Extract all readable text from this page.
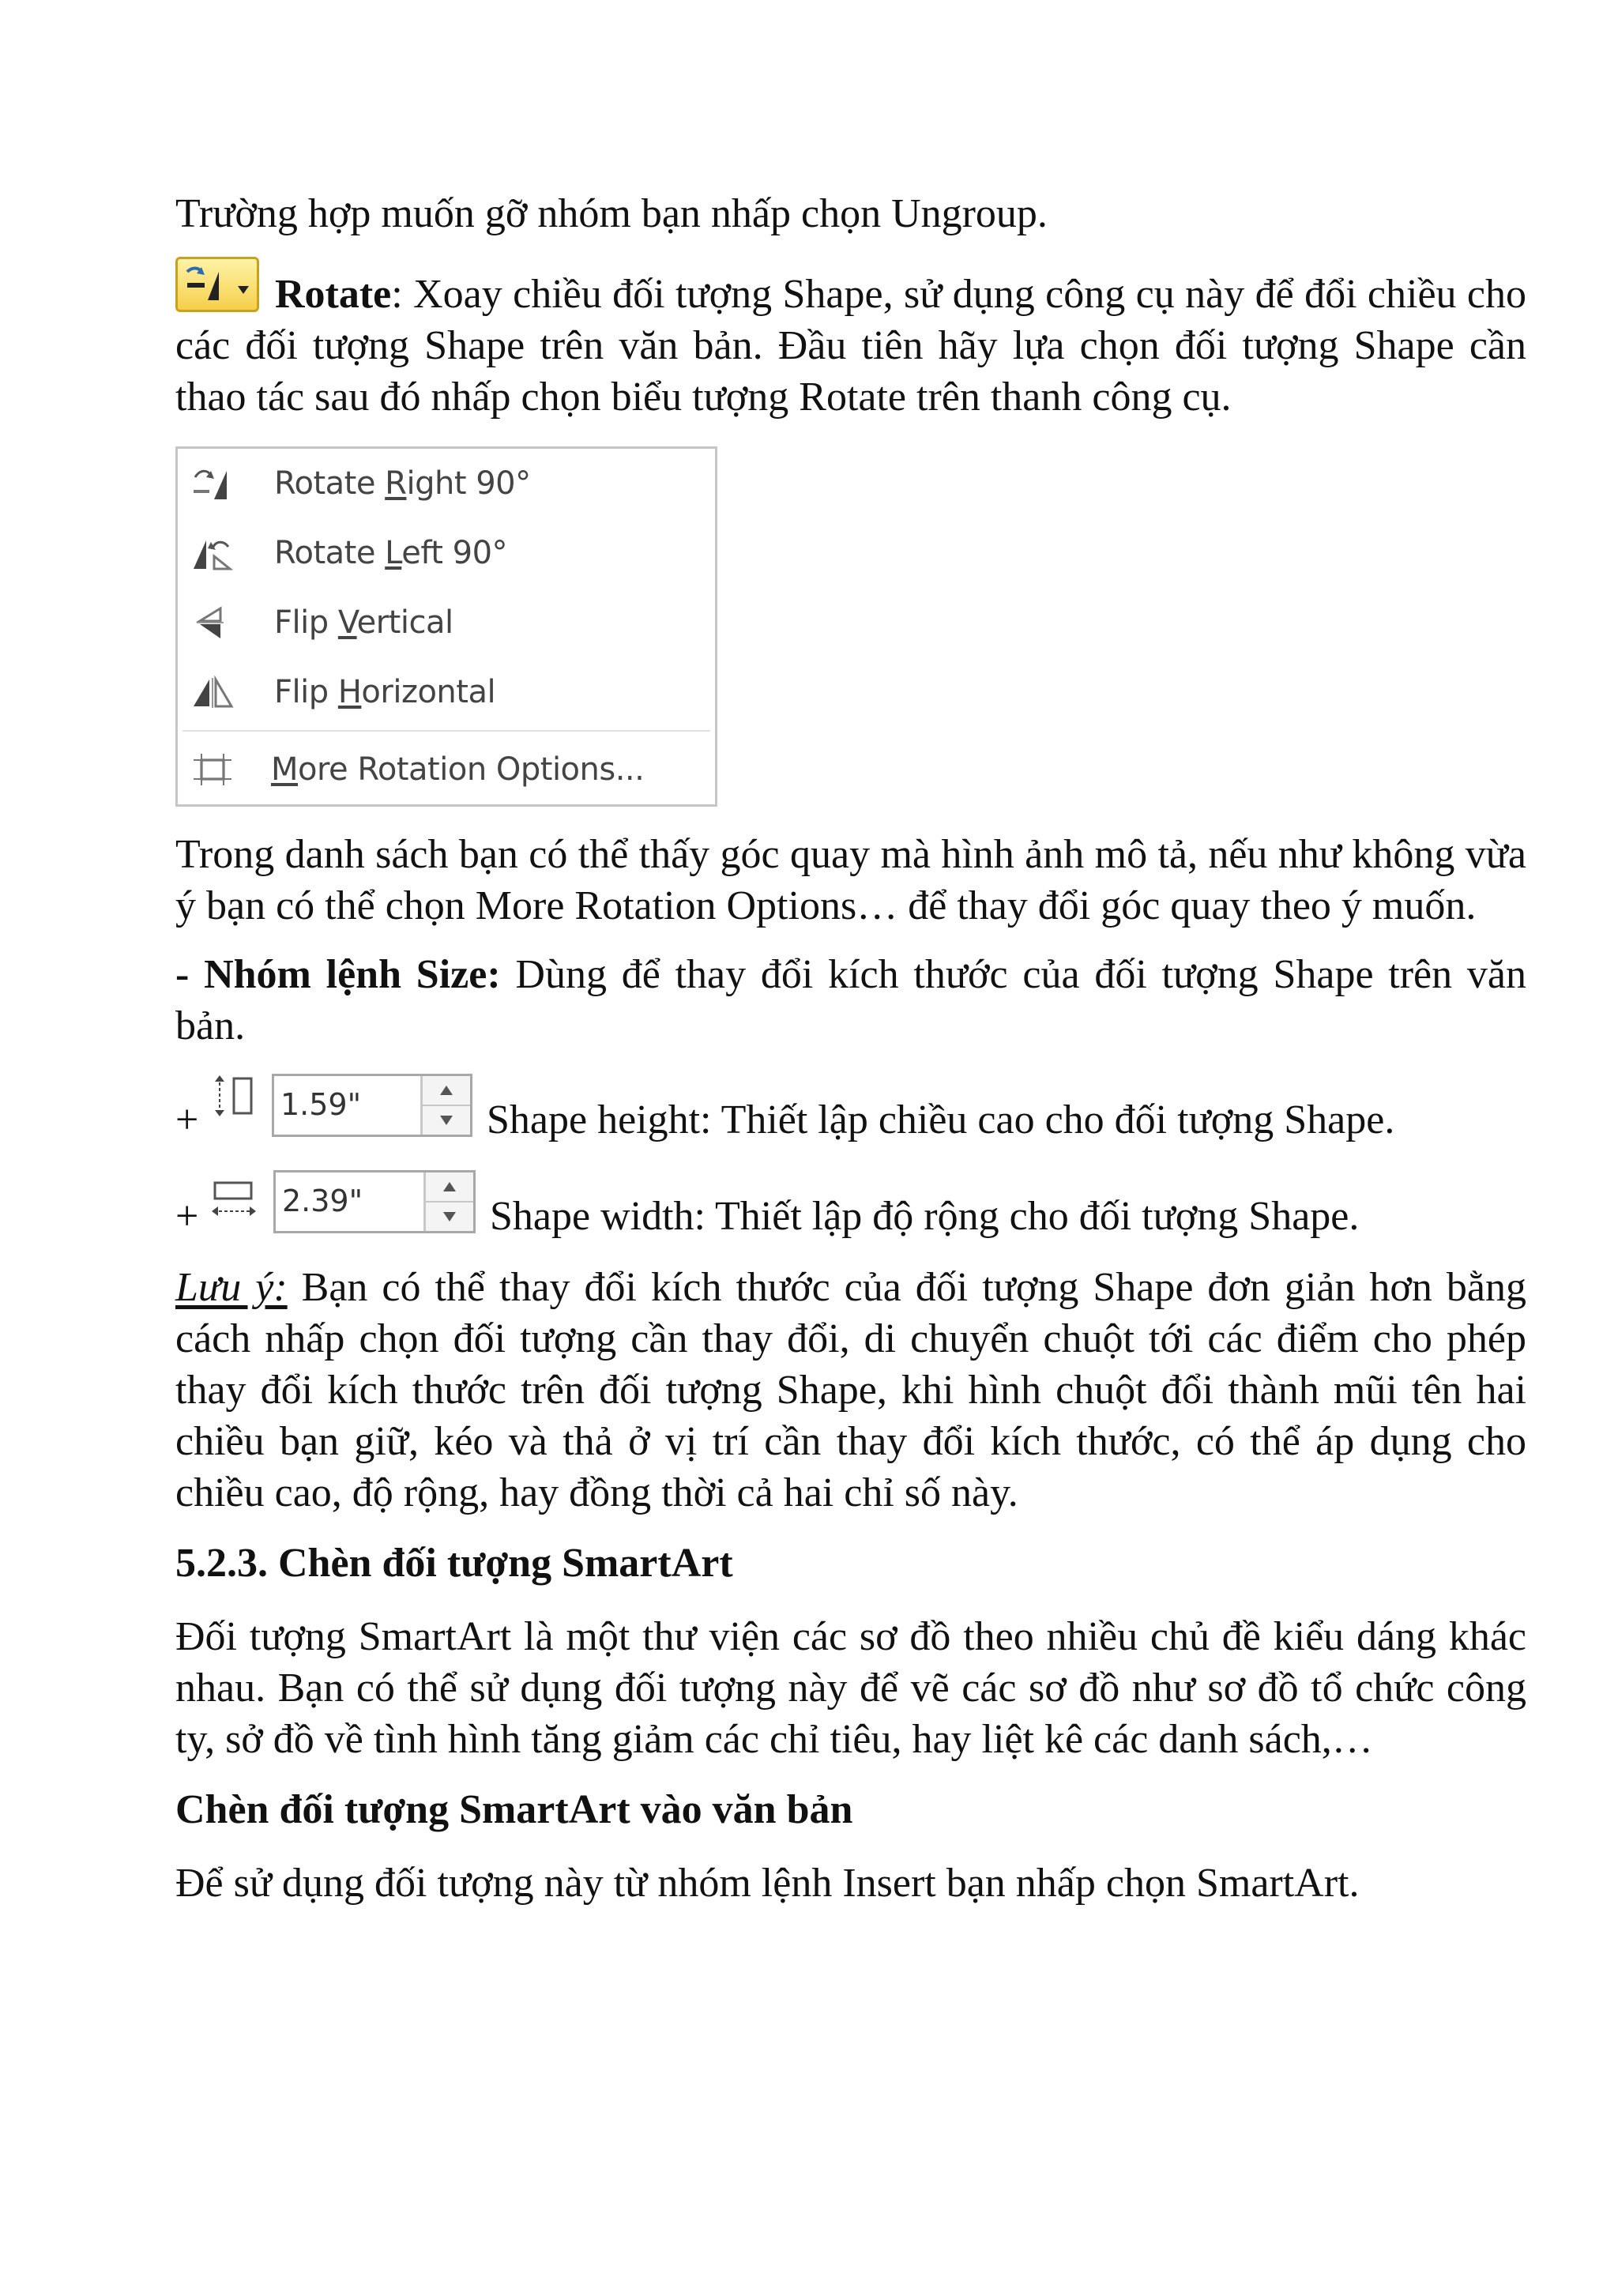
Trường hợp muốn gỡ nhóm bạn nhấp chọn Ungroup.

Rotate: Xoay chiều đối tượng Shape, sử dụng công cụ này để đổi chiều cho các đối tượng Shape trên văn bản. Đầu tiên hãy lựa chọn đối tượng Shape cần thao tác sau đó nhấp chọn biểu tượng Rotate trên thanh công cụ.

Rotate Right 90°
Rotate Left 90°
Flip Vertical
Flip Horizontal
More Rotation Options...

Trong danh sách bạn có thể thấy góc quay mà hình ảnh mô tả, nếu như không vừa ý bạn có thể chọn More Rotation Options… để thay đổi góc quay theo ý muốn.

- Nhóm lệnh Size: Dùng để thay đổi kích thước của đối tượng Shape trên văn bản.

+	1.59"	Shape height: Thiết lập chiều cao cho đối tượng Shape.
+	2.39"	Shape width: Thiết lập độ rộng cho đối tượng Shape.

Lưu ý: Bạn có thể thay đổi kích thước của đối tượng Shape đơn giản hơn bằng cách nhấp chọn đối tượng cần thay đổi, di chuyển chuột tới các điểm cho phép thay đổi kích thước trên đối tượng Shape, khi hình chuột đổi thành mũi tên hai chiều bạn giữ, kéo và thả ở vị trí cần thay đổi kích thước, có thể áp dụng cho chiều cao, độ rộng, hay đồng thời cả hai chỉ số này.

5.2.3. Chèn đối tượng SmartArt

Đối tượng SmartArt là một thư viện các sơ đồ theo nhiều chủ đề kiểu dáng khác nhau. Bạn có thể sử dụng đối tượng này để vẽ các sơ đồ như sơ đồ tổ chức công ty, sở đồ về tình hình tăng giảm các chỉ tiêu, hay liệt kê các danh sách,…

Chèn đối tượng SmartArt vào văn bản

Để sử dụng đối tượng này từ nhóm lệnh Insert bạn nhấp chọn SmartArt.
